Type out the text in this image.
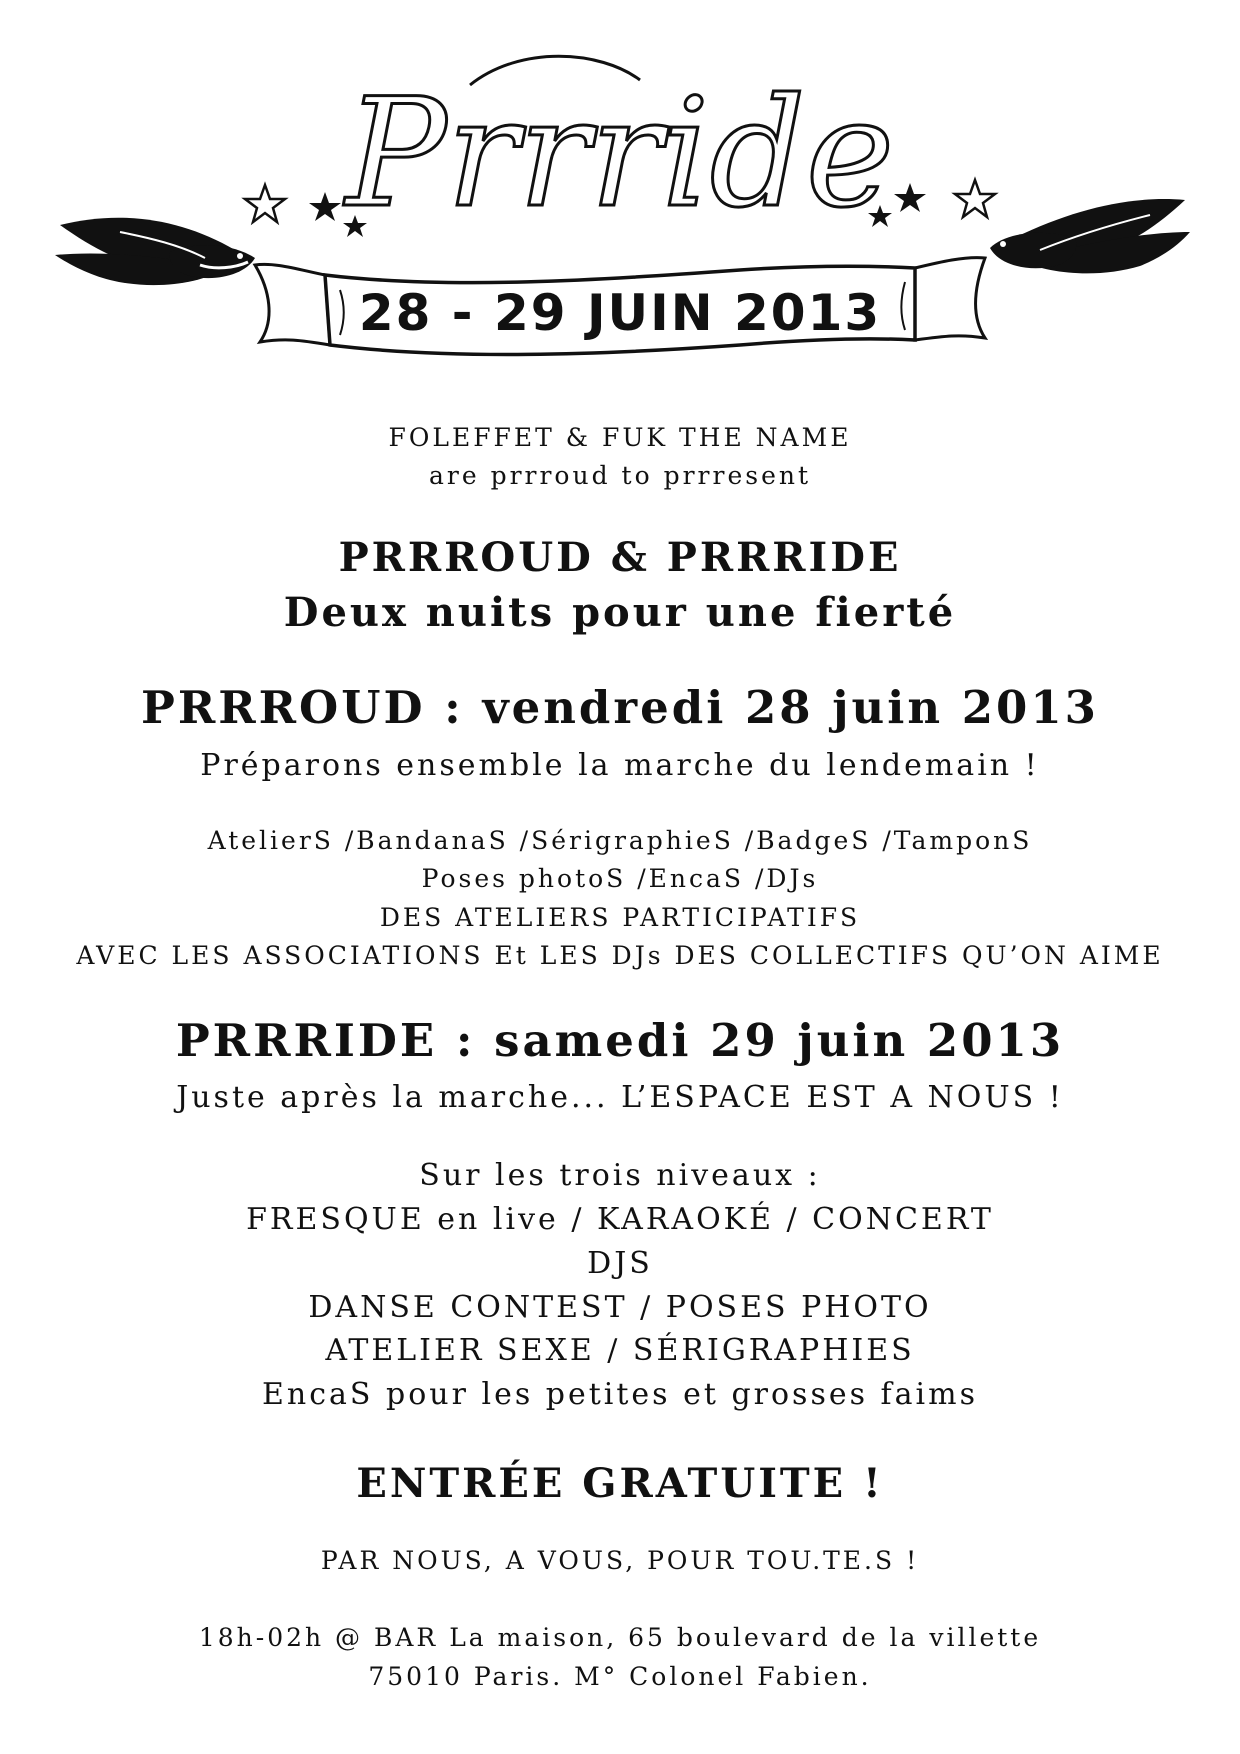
Prrride
28 - 29 JUIN 2013
FOLEFFET & FUK THE NAME
are prrroud to prrresent
PRRROUD & PRRRIDE
Deux nuits pour une fierté
PRRROUD : vendredi 28 juin 2013
Préparons ensemble la marche du lendemain !
AtelierS /BandanaS /SérigraphieS /BadgeS /TamponS
Poses photoS /EncaS /DJs
DES ATELIERS PARTICIPATIFS
AVEC LES ASSOCIATIONS Et LES DJs DES COLLECTIFS QU’ON AIME
PRRRIDE : samedi 29 juin 2013
Juste après la marche... L’ESPACE EST A NOUS !
Sur les trois niveaux :
FRESQUE en live / KARAOKÉ / CONCERT
DJS
DANSE CONTEST / POSES PHOTO
ATELIER SEXE / SÉRIGRAPHIES
EncaS pour les petites et grosses faims
ENTRÉE GRATUITE !
PAR NOUS, A VOUS, POUR TOU.TE.S !
18h-02h @ BAR La maison, 65 boulevard de la villette
75010 Paris. M° Colonel Fabien.
